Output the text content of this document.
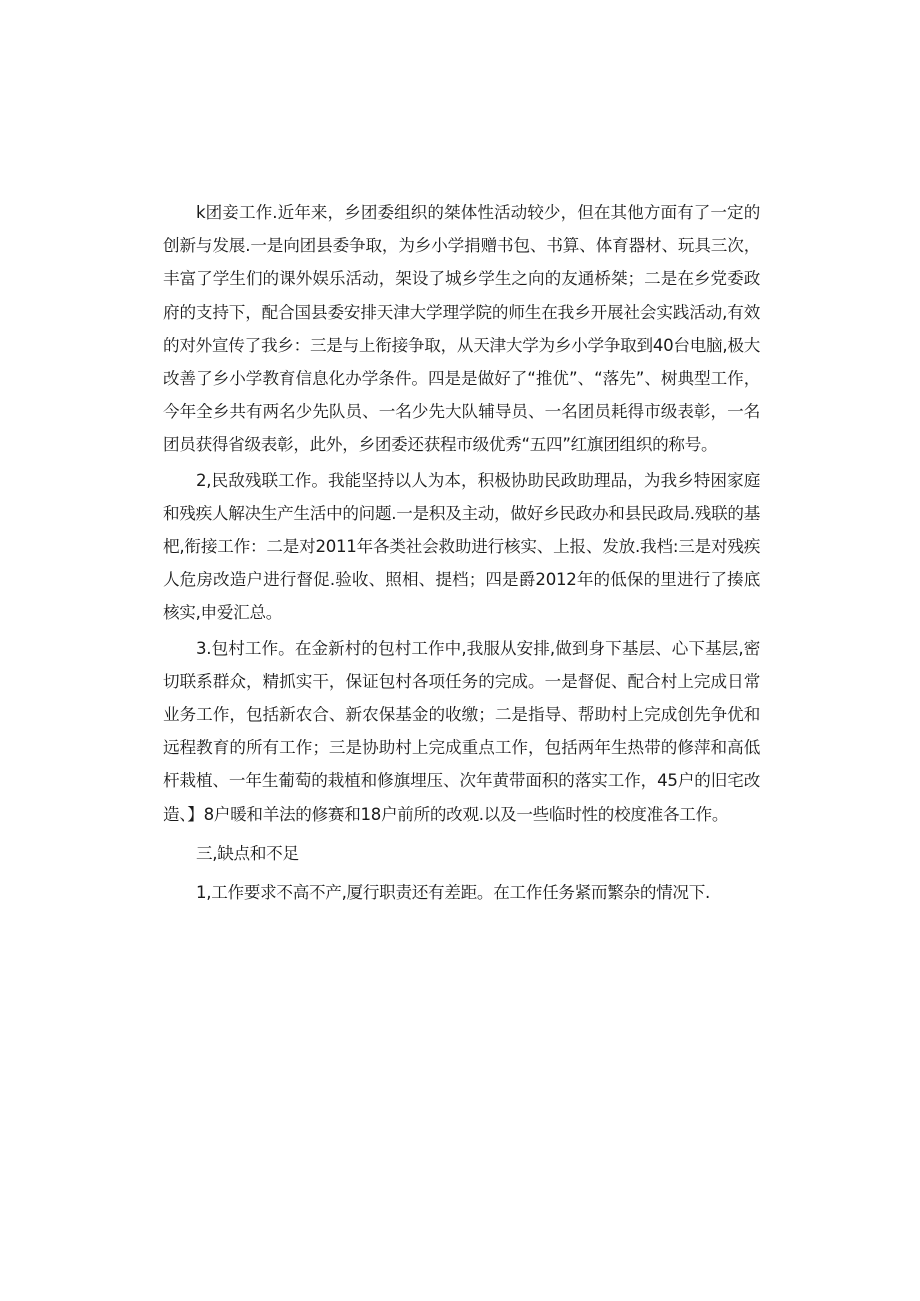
k团妾工作.近年来，乡团委组织的桀体性活动较少，但在其他方面有了一定的创新与发展.一是向团县委争取，为乡小学捐赠书包、书算、体育器材、玩具三次，丰富了学生们的课外娱乐活动，架设了城乡学生之向的友通桥桀；二是在乡党委政府的支持下，配合国县委安排天津大学理学院的师生在我乡开展社会实践活动,有效的对外宣传了我乡：三是与上衔接争取，从天津大学为乡小学争取到40台电脑,极大改善了乡小学教育信息化办学条件。四是是做好了“推优”、“落先”、树典型工作，今年全乡共有两名少先队员、一名少先大队辅导员、一名团员耗得市级表彰，一名团员获得省级表彰，此外，乡团委还获程市级优秀“五四”红旗团组织的称号。

2,民敌残联工作。我能坚持以人为本，积极协助民政助理品，为我乡特困家庭和残疾人解决生产生活中的问题.一是积及主动，做好乡民政办和县民政局.残联的基杷,衔接工作：二是对2011年各类社会救助进行核实、上报、发放.我档:三是对残疾人危房改造户进行督促.验收、照相、提档；四是爵2012年的低保的里进行了揍底核实,申爱汇总。

3.包村工作。在金新村的包村工作中,我服从安排,做到身下基层、心下基层,密切联系群众，精抓实干，保证包村各项任务的完成。一是督促、配合村上完成日常业务工作，包括新农合、新农保基金的收缴；二是指导、帮助村上完成创先争优和远程教育的所有工作；三是协助村上完成重点工作，包括两年生热带的修萍和高低杆栽植、一年生葡萄的栽植和修旗埋压、次年黄带面积的落实工作，45户的旧宅改造、】8户暖和羊法的修赛和18户前所的改观.以及一些临时性的校度准各工作。

三,缺点和不足

1,工作要求不高不产,厦行职责还有差距。在工作任务紧而繁杂的情况下.
